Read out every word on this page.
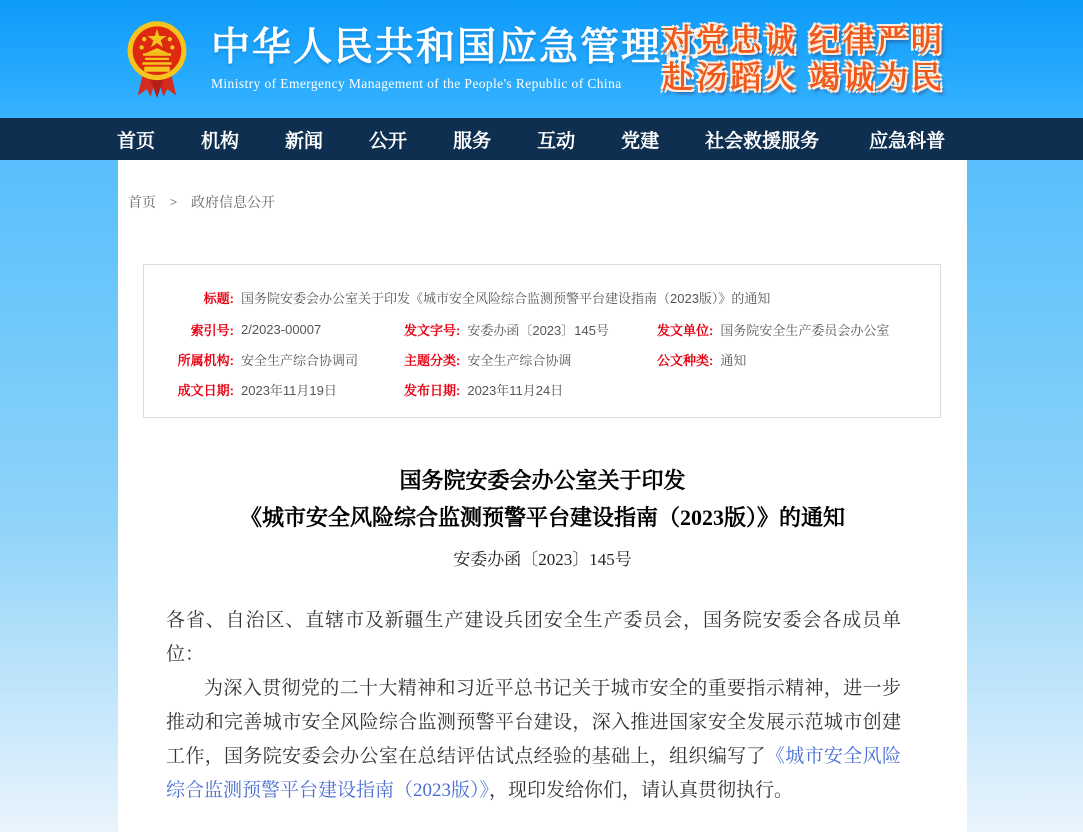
中华人民共和国应急管理部
Ministry of Emergency Management of the People's Republic of China
对党忠诚 纪律严明
赴汤蹈火 竭诚为民
首页 机构 新闻 公开 服务 互动 党建 社会救援服务	应急科普
首页 > 政府信息公开
标题: 国务院安委会办公室关于印发《城市安全风险综合监测预警平台建设指南（2023版）》的通知
索引号: 2/2023-00007	发文字号: 安委办函〔2023〕145号	发文单位: 国务院安全生产委员会办公室
所属机构: 安全生产综合协调司	主题分类: 安全生产综合协调	公文种类: 通知
成文日期: 2023年11月19日	发布日期: 2023年11月24日
国务院安委会办公室关于印发
《城市安全风险综合监测预警平台建设指南（2023版）》的通知
安委办函〔2023〕145号

各省、自治区、直辖市及新疆生产建设兵团安全生产委员会，国务院安委会各成员单位：

为深入贯彻党的二十大精神和习近平总书记关于城市安全的重要指示精神，进一步推动和完善城市安全风险综合监测预警平台建设，深入推进国家安全发展示范城市创建工作，国务院安委会办公室在总结评估试点经验的基础上，组织编写了《城市安全风险综合监测预警平台建设指南（2023版）》，现印发给你们，请认真贯彻执行。
